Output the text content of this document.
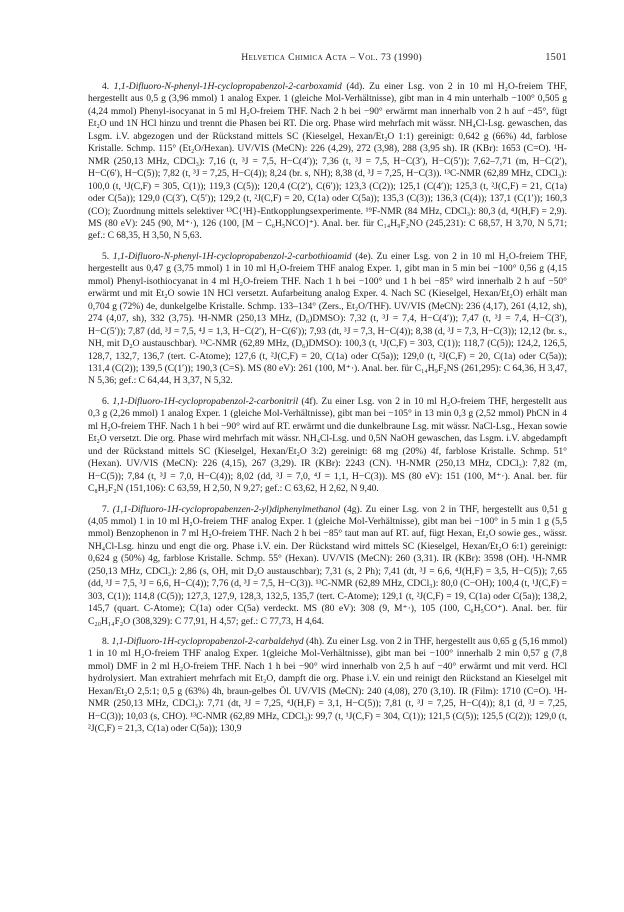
Helvetica Chimica Acta – Vol. 73 (1990)	1501

4. 1,1-Difluoro-N-phenyl-1H-cyclopropabenzol-2-carboxamid (4d). Zu einer Lsg. von 2 in 10 ml H₂O-freiem THF, hergestellt aus 0,5 g (3,96 mmol) 1 analog Exper. 1 (gleiche Mol-Verhältnisse), gibt man in 4 min unterhalb −100° 0,505 g (4,24 mmol) Phenyl-isocyanat in 5 ml H₂O-freiem THF. Nach 2 h bei −90° erwärmt man innerhalb von 2 h auf −45°, fügt Et₂O und 1N HCl hinzu und trennt die Phasen bei RT. Die org. Phase wird mehrfach mit wässr. NH₄Cl-Lsg. gewaschen, das Lsgm. i.V. abgezogen und der Rückstand mittels SC (Kieselgel, Hexan/Et₂O 1:1) gereinigt: 0,642 g (66%) 4d, farblose Kristalle. Schmp. 115° (Et₂O/Hexan). UV/VIS (MeCN): 226 (4,29), 272 (3,98), 288 (3,95 sh). IR (KBr): 1653 (C=O). ¹H-NMR (250,13 MHz, CDCl₃): 7,16 (t, ³J = 7,5, H−C(4′)); 7,36 (t, ³J = 7,5, H−C(3′), H−C(5′)); 7,62–7,71 (m, H−C(2′), H−C(6′), H−C(5)); 7,82 (t, ³J = 7,25, H−C(4)); 8,24 (br. s, NH); 8,38 (d, ³J = 7,25, H−C(3)). ¹³C-NMR (62,89 MHz, CDCl₃): 100,0 (t, ¹J(C,F) = 305, C(1)); 119,3 (C(5)); 120,4 (C(2′), C(6′)); 123,3 (C(2)); 125,1 (C(4′)); 125,3 (t, ²J(C,F) = 21, C(1a) oder C(5a)); 129,0 (C(3′), C(5′)); 129,2 (t, ²J(C,F) = 20, C(1a) oder C(5a)); 135,3 (C(3)); 136,3 (C(4)); 137,1 (C(1′)); 160,3 (CO); Zuordnung mittels selektiver ¹³C{¹H}-Entkopplungsexperimente. ¹⁹F-NMR (84 MHz, CDCl₃): 80,3 (d, ⁴J(H,F) = 2,9). MS (80 eV): 245 (90, M⁺·), 126 (100, [M − C₆H₅NCO]⁺). Anal. ber. für C₁₄H₉F₂NO (245,231): C 68,57, H 3,70, N 5,71; gef.: C 68,35, H 3,50, N 5,63.

5. 1,1-Difluoro-N-phenyl-1H-cyclopropabenzol-2-carbothioamid (4e). Zu einer Lsg. von 2 in 10 ml H₂O-freiem THF, hergestellt aus 0,47 g (3,75 mmol) 1 in 10 ml H₂O-freiem THF analog Exper. 1, gibt man in 5 min bei −100° 0,56 g (4,15 mmol) Phenyl-isothiocyanat in 4 ml H₂O-freiem THF. Nach 1 h bei −100° und 1 h bei −85° wird innerhalb 2 h auf −50° erwärmt und mit Et₂O sowie 1N HCl versetzt. Aufarbeitung analog Exper. 4. Nach SC (Kieselgel, Hexan/Et₂O) erhält man 0,704 g (72%) 4e, dunkelgelbe Kristalle. Schmp. 133–134° (Zers., Et₂O/THF). UV/VIS (MeCN): 236 (4,17), 261 (4,12, sh), 274 (4,07, sh), 332 (3,75). ¹H-NMR (250,13 MHz, (D₆)DMSO): 7,32 (t, ³J = 7,4, H−C(4′)); 7,47 (t, ³J = 7,4, H−C(3′), H−C(5′)); 7,87 (dd, ³J = 7,5, ⁴J = 1,3, H−C(2′), H−C(6′)); 7,93 (dt, ³J = 7,3, H−C(4)); 8,38 (d, ³J = 7,3, H−C(3)); 12,12 (br. s., NH, mit D₂O austauschbar). ¹³C-NMR (62,89 MHz, (D₆)DMSO): 100,3 (t, ¹J(C,F) = 303, C(1)); 118,7 (C(5)); 124,2, 126,5, 128,7, 132,7, 136,7 (tert. C-Atome); 127,6 (t, ²J(C,F) = 20, C(1a) oder C(5a)); 129,0 (t, ²J(C,F) = 20, C(1a) oder C(5a)); 131,4 (C(2)); 139,5 (C(1′)); 190,3 (C=S). MS (80 eV): 261 (100, M⁺·). Anal. ber. für C₁₄H₉F₂NS (261,295): C 64,36, H 3,47, N 5,36; gef.: C 64,44, H 3,37, N 5,32.

6. 1,1-Difluoro-1H-cyclopropabenzol-2-carbonitril (4f). Zu einer Lsg. von 2 in 10 ml H₂O-freiem THF, hergestellt aus 0,3 g (2,26 mmol) 1 analog Exper. 1 (gleiche Mol-Verhältnisse), gibt man bei −105° in 13 min 0,3 g (2,52 mmol) PhCN in 4 ml H₂O-freiem THF. Nach 1 h bei −90° wird auf RT. erwärmt und die dunkelbraune Lsg. mit wässr. NaCl-Lsg., Hexan sowie Et₂O versetzt. Die org. Phase wird mehrfach mit wässr. NH₄Cl-Lsg. und 0,5N NaOH gewaschen, das Lsgm. i.V. abgedampft und der Rückstand mittels SC (Kieselgel, Hexan/Et₂O 3:2) gereinigt: 68 mg (20%) 4f, farblose Kristalle. Schmp. 51° (Hexan). UV/VIS (MeCN): 226 (4,15), 267 (3,29). IR (KBr): 2243 (CN). ¹H-NMR (250,13 MHz, CDCl₃): 7,82 (m, H−C(5)); 7,84 (t, ³J = 7,0, H−C(4)); 8,02 (dd, ³J = 7,0, ⁴J = 1,1, H−C(3)). MS (80 eV): 151 (100, M⁺·). Anal. ber. für C₈H₃F₂N (151,106): C 63,59, H 2,50, N 9,27; gef.: C 63,62, H 2,62, N 9,40.

7. (1,1-Difluoro-1H-cyclopropabenzen-2-yl)diphenylmethanol (4g). Zu einer Lsg. von 2 in THF, hergestellt aus 0,51 g (4,05 mmol) 1 in 10 ml H₂O-freiem THF analog Exper. 1 (gleiche Mol-Verhältnisse), gibt man bei −100° in 5 min 1 g (5,5 mmol) Benzophenon in 7 ml H₂O-freiem THF. Nach 2 h bei −85° taut man auf RT. auf, fügt Hexan, Et₂O sowie ges., wässr. NH₄Cl-Lsg. hinzu und engt die org. Phase i.V. ein. Der Rückstand wird mittels SC (Kieselgel, Hexan/Et₂O 6:1) gereinigt: 0,624 g (50%) 4g, farblose Kristalle. Schmp. 55° (Hexan). UV/VIS (MeCN): 260 (3,31). IR (KBr): 3598 (OH). ¹H-NMR (250,13 MHz, CDCl₃): 2,86 (s, OH, mit D₂O austauschbar); 7,31 (s, 2 Ph); 7,41 (dt, ³J = 6,6, ⁴J(H,F) = 3,5, H−C(5)); 7,65 (dd, ³J = 7,5, ³J = 6,6, H−C(4)); 7,76 (d, ³J = 7,5, H−C(3)). ¹³C-NMR (62,89 MHz, CDCl₃): 80,0 (C−OH); 100,4 (t, ¹J(C,F) = 303, C(1)); 114,8 (C(5)); 127,3, 127,9, 128,3, 132,5, 135,7 (tert. C-Atome); 129,1 (t, ²J(C,F) = 19, C(1a) oder C(5a)); 138,2, 145,7 (quart. C-Atome); C(1a) oder C(5a) verdeckt. MS (80 eV): 308 (9, M⁺·), 105 (100, C₆H₅CO⁺). Anal. ber. für C₂₀H₁₄F₂O (308,329): C 77,91, H 4,57; gef.: C 77,73, H 4,64.

8. 1,1-Difluoro-1H-cyclopropabenzol-2-carbaldehyd (4h). Zu einer Lsg. von 2 in THF, hergestellt aus 0,65 g (5,16 mmol) 1 in 10 ml H₂O-freiem THF analog Exper. 1(gleiche Mol-Verhältnisse), gibt man bei −100° innerhalb 2 min 0,57 g (7,8 mmol) DMF in 2 ml H₂O-freiem THF. Nach 1 h bei −90° wird innerhalb von 2,5 h auf −40° erwärmt und mit verd. HCl hydrolysiert. Man extrahiert mehrfach mit Et₂O, dampft die org. Phase i.V. ein und reinigt den Rückstand an Kieselgel mit Hexan/Et₂O 2,5:1; 0,5 g (63%) 4h, braun-gelbes Öl. UV/VIS (MeCN): 240 (4,08), 270 (3,10). IR (Film): 1710 (C=O). ¹H-NMR (250,13 MHz, CDCl₃): 7,71 (dt, ³J = 7,25, ⁴J(H,F) = 3,1, H−C(5)); 7,81 (t, ³J = 7,25, H−C(4)); 8,1 (d, ³J = 7,25, H−C(3)); 10,03 (s, CHO). ¹³C-NMR (62,89 MHz, CDCl₃): 99,7 (t, ¹J(C,F) = 304, C(1)); 121,5 (C(5)); 125,5 (C(2)); 129,0 (t, ²J(C,F) = 21,3, C(1a) oder C(5a)); 130,9
